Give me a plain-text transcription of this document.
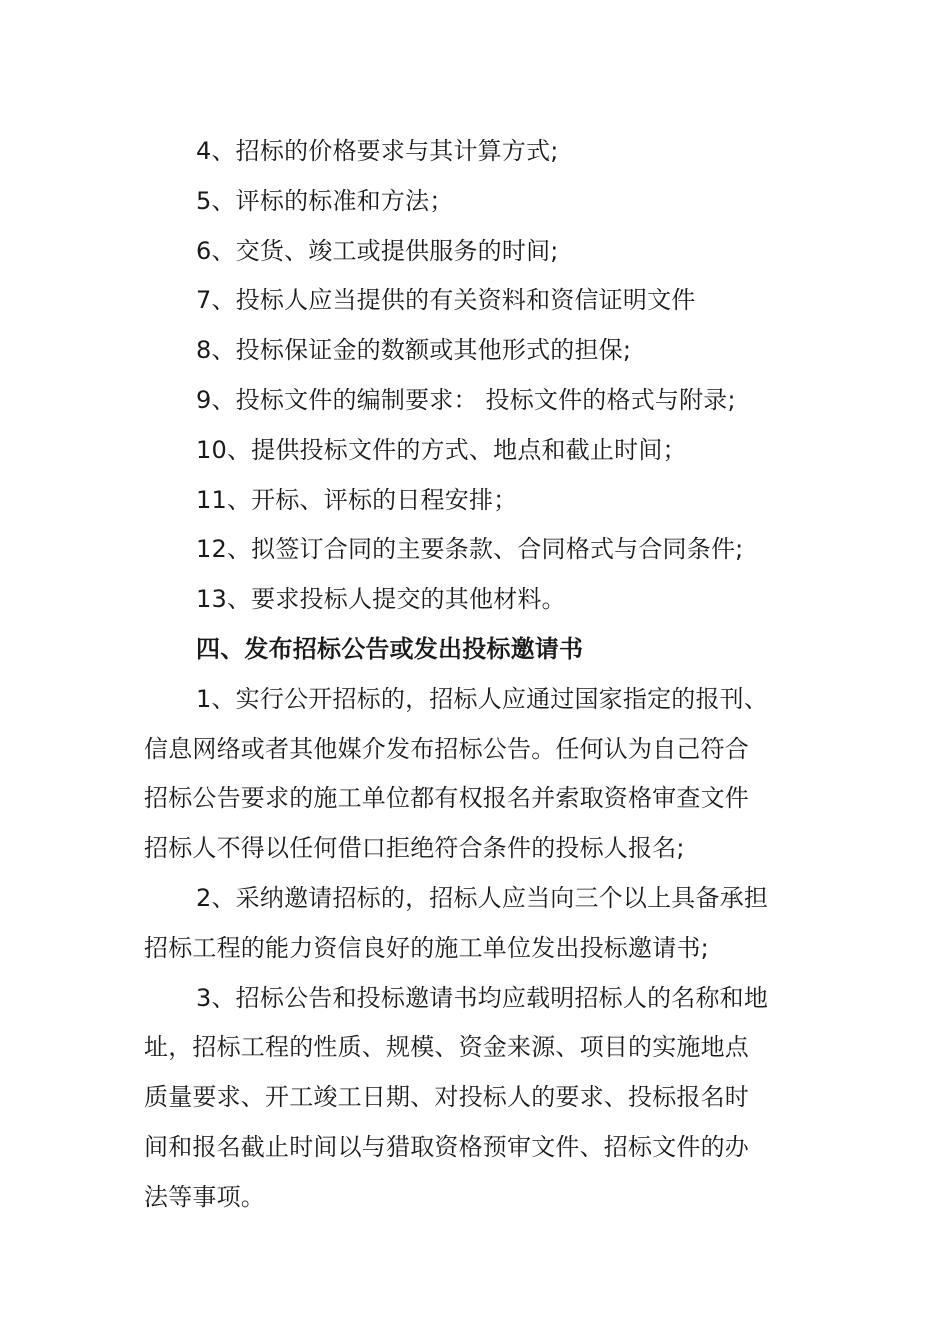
4、招标的价格要求与其计算方式;
5、评标的标准和方法；
6、交货、竣工或提供服务的时间;
7、投标人应当提供的有关资料和资信证明文件
8、投标保证金的数额或其他形式的担保;
9、投标文件的编制要求： 投标文件的格式与附录;
10、提供投标文件的方式、地点和截止时间；
11、开标、评标的日程安排；
12、拟签订合同的主要条款、合同格式与合同条件;
13、要求投标人提交的其他材料。
四、发布招标公告或发出投标邀请书
1、实行公开招标的，招标人应通过国家指定的报刊、
信息网络或者其他媒介发布招标公告。任何认为自己符合
招标公告要求的施工单位都有权报名并索取资格审查文件
招标人不得以任何借口拒绝符合条件的投标人报名;
2、采纳邀请招标的，招标人应当向三个以上具备承担
招标工程的能力资信良好的施工单位发出投标邀请书;
3、招标公告和投标邀请书均应载明招标人的名称和地
址，招标工程的性质、规模、资金来源、项目的实施地点
质量要求、开工竣工日期、对投标人的要求、投标报名时
间和报名截止时间以与猎取资格预审文件、招标文件的办
法等事项。
